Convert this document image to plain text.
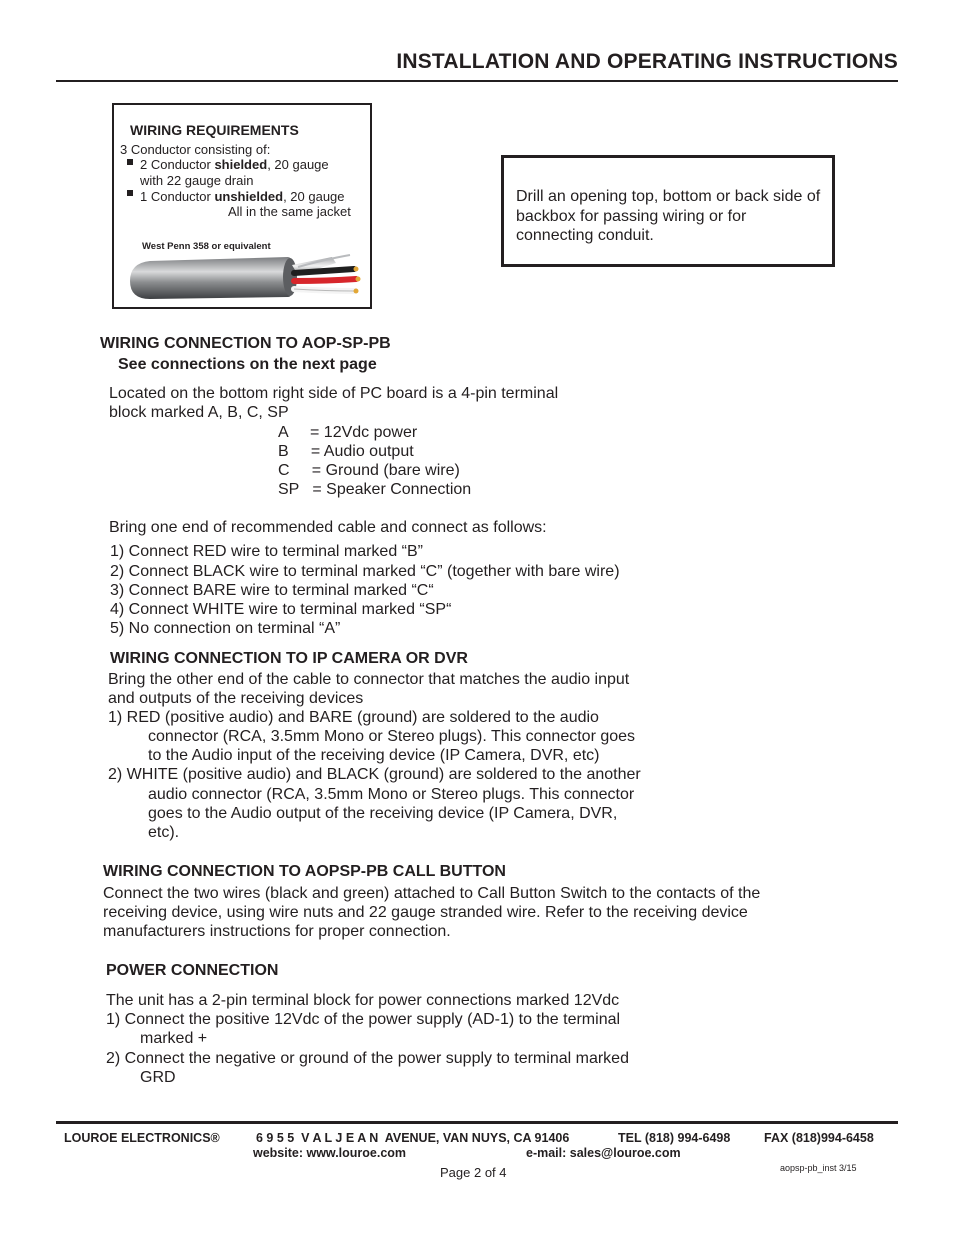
INSTALLATION AND OPERATING INSTRUCTIONS
WIRING REQUIREMENTS
3 Conductor consisting of:
2 Conductor shielded, 20 gauge
with 22 gauge drain
1 Conductor unshielded, 20 gauge
All in the same jacket
West Penn 358 or equivalent
Drill an opening top, bottom or back side of backbox for passing wiring or for connecting conduit.
WIRING CONNECTION TO AOP-SP-PB
See connections on the next page
Located on the bottom right side of PC board is a 4-pin terminal
block marked A, B, C, SP
A     = 12Vdc power
B     = Audio output
C     = Ground (bare wire)
SP   = Speaker Connection
Bring one end of recommended cable and connect as follows:
1) Connect RED wire to terminal marked “B”
2) Connect BLACK wire to terminal marked “C” (together with bare wire)
3) Connect BARE wire to terminal marked “C“
4) Connect WHITE wire to terminal marked “SP“
5) No connection on terminal “A”
WIRING CONNECTION TO IP CAMERA OR DVR
Bring the other end of the cable to connector that matches the audio input
and outputs of the receiving devices
1) RED (positive audio) and BARE (ground) are soldered to the audio
connector (RCA, 3.5mm Mono or Stereo plugs). This connector goes
to the Audio input of the receiving device (IP Camera, DVR, etc)
2) WHITE (positive audio) and BLACK (ground) are soldered to the another
audio connector (RCA, 3.5mm Mono or Stereo plugs. This connector
goes to the Audio output of the receiving device (IP Camera, DVR,
etc).
WIRING CONNECTION TO AOPSP-PB CALL BUTTON
Connect the two wires (black and green) attached to Call Button Switch to the contacts of the
receiving device, using wire nuts and 22 gauge stranded wire. Refer to the receiving device
manufacturers instructions for proper connection.
POWER CONNECTION
The unit has a 2-pin terminal block for power connections marked 12Vdc
1) Connect the positive 12Vdc of the power supply (AD-1) to the terminal
marked +
2) Connect the negative or ground of the power supply to terminal marked
GRD
LOUROE ELECTRONICS®	6 9 5 5  V A L J E A N  AVENUE, VAN NUYS, CA 91406	TEL (818) 994-6498	FAX (818)994-6458
website: www.louroe.com	e-mail: sales@louroe.com
Page 2 of 4	aopsp-pb_inst 3/15
